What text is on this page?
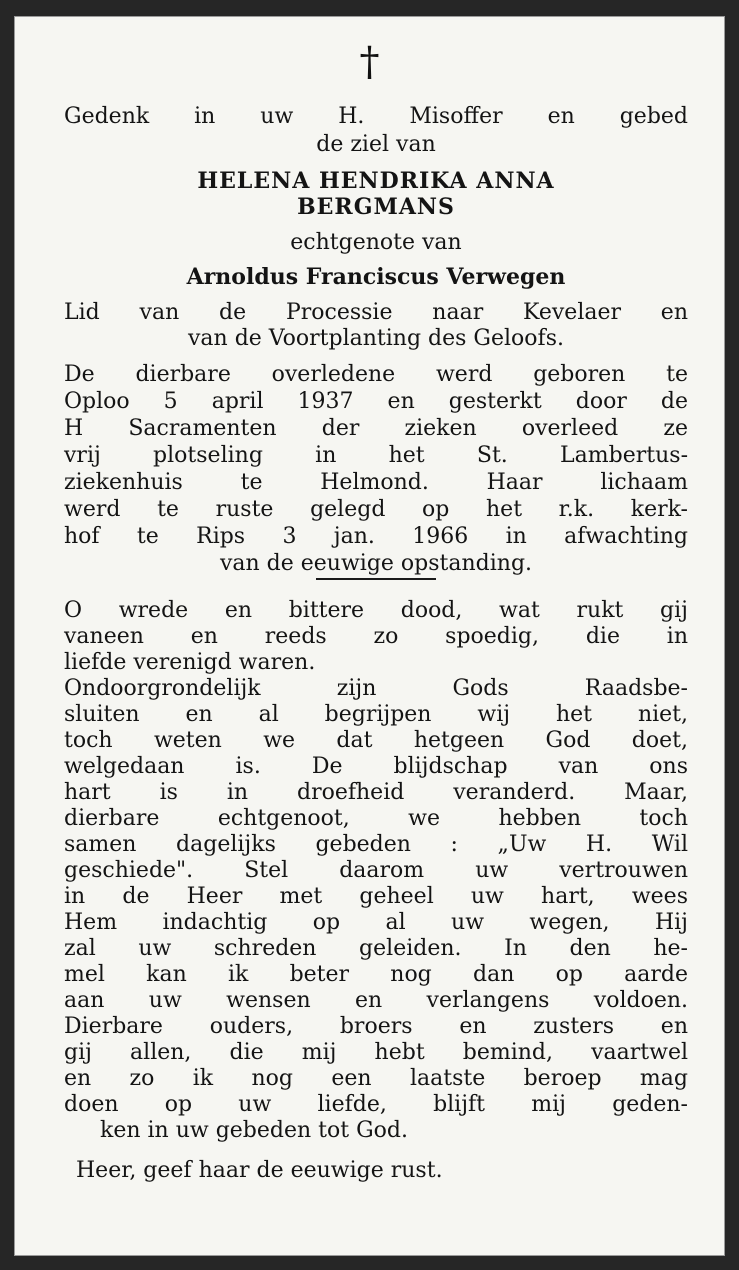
†
Gedenk in uw H. Misoffer en gebed
de ziel van
HELENA HENDRIKA ANNA
BERGMANS
echtgenote van
Arnoldus Franciscus Verwegen
Lid van de Processie naar Kevelaer en
van de Voortplanting des Geloofs.
De dierbare overledene werd geboren te
Oploo 5 april 1937 en gesterkt door de
H Sacramenten der zieken overleed ze
vrij plotseling in het St. Lambertus-
ziekenhuis te Helmond. Haar lichaam
werd te ruste gelegd op het r.k. kerk-
hof te Rips 3 jan. 1966 in afwachting
van de eeuwige opstanding.
O wrede en bittere dood, wat rukt gij
vaneen en reeds zo spoedig, die in
liefde verenigd waren.
Ondoorgrondelijk zijn Gods Raadsbe-
sluiten en al begrijpen wij het niet,
toch weten we dat hetgeen God doet,
welgedaan is. De blijdschap van ons
hart is in droefheid veranderd. Maar,
dierbare echtgenoot, we hebben toch
samen dagelijks gebeden : „Uw H. Wil
geschiede". Stel daarom uw vertrouwen
in de Heer met geheel uw hart, wees
Hem indachtig op al uw wegen, Hij
zal uw schreden geleiden. In den he-
mel kan ik beter nog dan op aarde
aan uw wensen en verlangens voldoen.
Dierbare ouders, broers en zusters en
gij allen, die mij hebt bemind, vaartwel
en zo ik nog een laatste beroep mag
doen op uw liefde, blijft mij geden-
ken in uw gebeden tot God.
Heer, geef haar de eeuwige rust.
